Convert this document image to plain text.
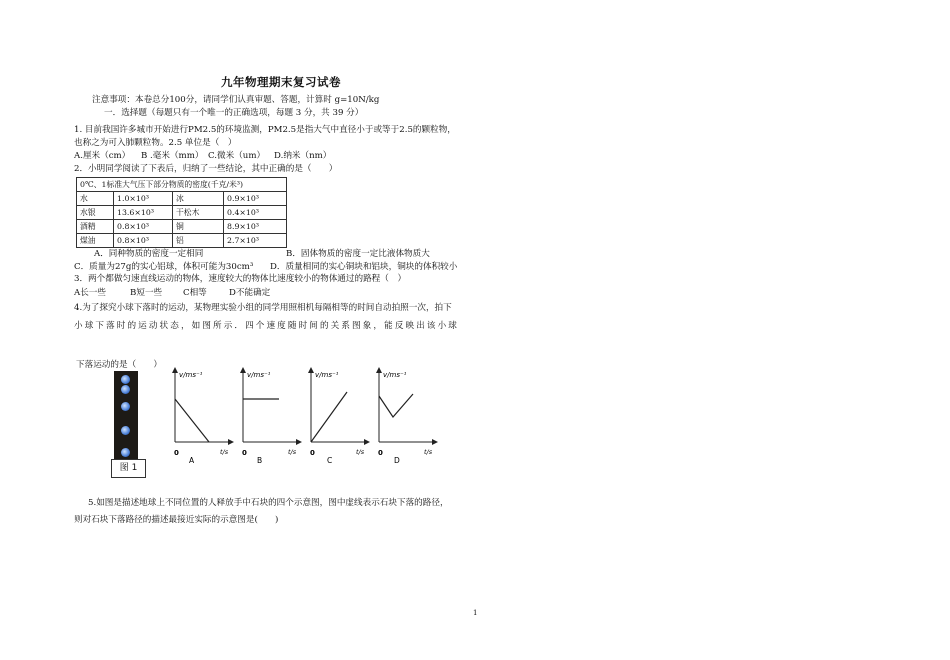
九年物理期末复习试卷
注意事项：本卷总分100分，请同学们认真审题、答题，计算时 g=10N/kg
一．选择题（每题只有一个唯一的正确选项，每题 3 分，共 39 分）
1. 目前我国许多城市开始进行PM2.5的环境监测，PM2.5是指大气中直径小于或等于2.5的颗粒物，
也称之为可入肺颗粒物。2.5 单位是（　）
A.厘米（cm） B .毫米（mm） C.微米（um） D.纳米（nm）
2．小明同学阅读了下表后，归纳了一些结论，其中正确的是（　　）
0℃、1标准大气压下部分物质的密度(千克/米³)			
水	1.0×10³	冰	0.9×10³
水银	13.6×10³	干松木	0.4×10³
酒精	0.8×10³	铜	8.9×10³
煤油	0.8×10³	铝	2.7×10³
A．同种物质的密度一定相同	B．固体物质的密度一定比液体物质大
C．质量为27g的实心铝球，体积可能为30cm³ D．质量相同的实心铜块和铝块，铜块的体积较小
3．两个都做匀速直线运动的物体，速度较大的物体比速度较小的物体通过的路程（　）
A长一些	B短一些 C相等	D不能确定
4.为了探究小球下落时的运动，某物理实验小组的同学用照相机每隔相等的时间自动拍照一次，拍下
小球下落时的运动状态，如图所示．四个速度随时间的关系图象，能反映出该小球
下落运动的是（　　）
图 1
v/ms⁻¹
0	t/s
A
v/ms⁻¹
0	t/s
B
v/ms⁻¹
0	t/s
C
v/ms⁻¹
0	t/s
D
5.如图是描述地球上不同位置的人释放手中石块的四个示意图，图中虚线表示石块下落的路径，
则对石块下落路径的描述最接近实际的示意图是(　　)
1
